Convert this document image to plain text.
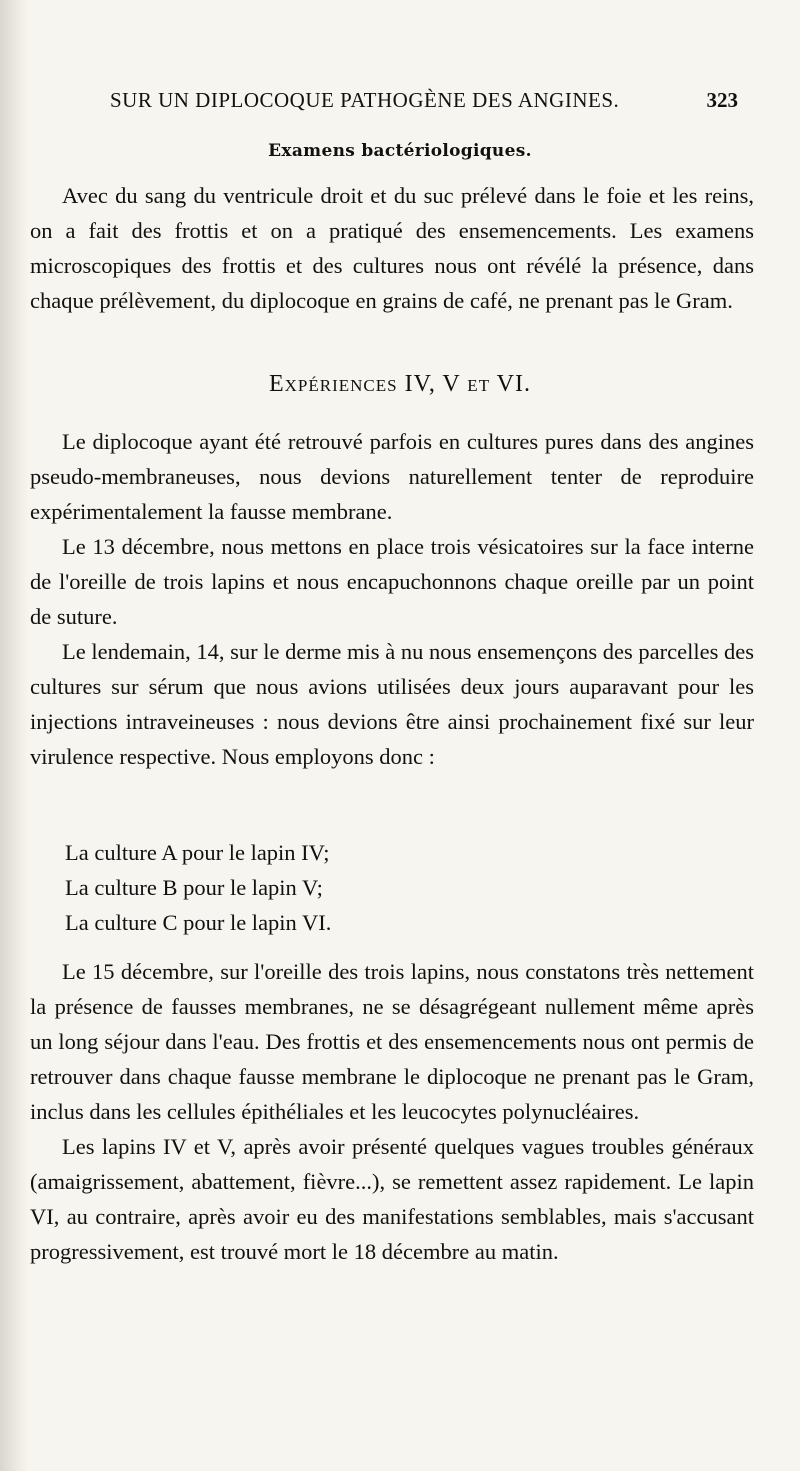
SUR UN DIPLOCOQUE PATHOGÈNE DES ANGINES.	323
Examens bactériologiques.

Avec du sang du ventricule droit et du suc prélevé dans le foie et les reins, on a fait des frottis et on a pratiqué des ensemencements. Les examens microscopiques des frottis et des cultures nous ont révélé la présence, dans chaque prélèvement, du diplocoque en grains de café, ne prenant pas le Gram.

Expériences IV, V et VI.

Le diplocoque ayant été retrouvé parfois en cultures pures dans des angines pseudo-membraneuses, nous devions naturellement tenter de reproduire expérimentalement la fausse membrane.

Le 13 décembre, nous mettons en place trois vésicatoires sur la face interne de l'oreille de trois lapins et nous encapuchonnons chaque oreille par un point de suture.

Le lendemain, 14, sur le derme mis à nu nous ensemençons des parcelles des cultures sur sérum que nous avions utilisées deux jours auparavant pour les injections intraveineuses : nous devions être ainsi prochainement fixé sur leur virulence respective. Nous employons donc :

La culture A pour le lapin IV;
La culture B pour le lapin V;
La culture C pour le lapin VI.

Le 15 décembre, sur l'oreille des trois lapins, nous constatons très nettement la présence de fausses membranes, ne se désagrégeant nullement même après un long séjour dans l'eau. Des frottis et des ensemencements nous ont permis de retrouver dans chaque fausse membrane le diplocoque ne prenant pas le Gram, inclus dans les cellules épithéliales et les leucocytes polynucléaires.

Les lapins IV et V, après avoir présenté quelques vagues troubles généraux (amaigrissement, abattement, fièvre...), se remettent assez rapidement. Le lapin VI, au contraire, après avoir eu des manifestations semblables, mais s'accusant progressivement, est trouvé mort le 18 décembre au matin.
